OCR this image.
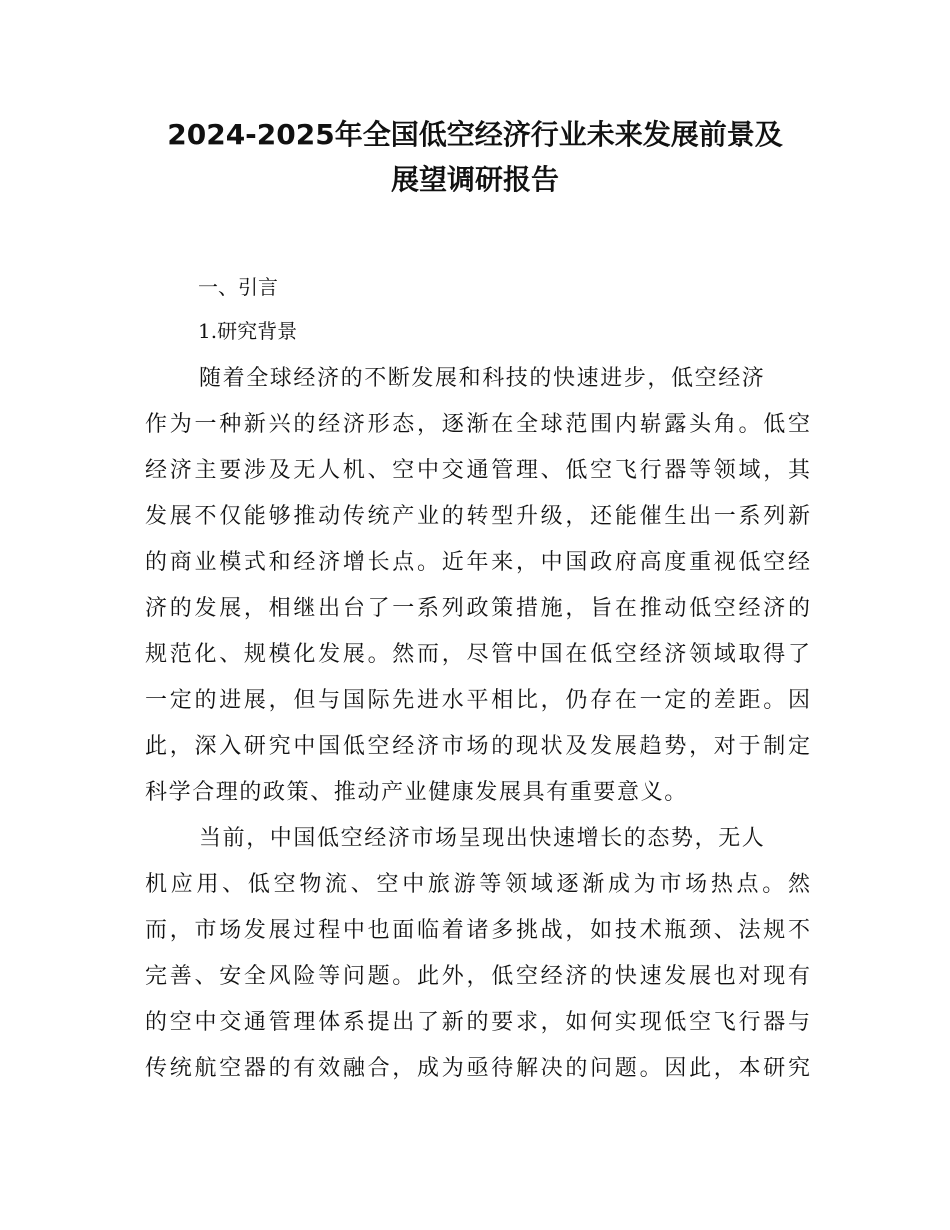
2024-2025年全国低空经济行业未来发展前景及
展望调研报告

一、引言

1.研究背景

随着全球经济的不断发展和科技的快速进步，低空经济

作为一种新兴的经济形态，逐渐在全球范围内崭露头角。低空

经济主要涉及无人机、空中交通管理、低空飞行器等领域，其

发展不仅能够推动传统产业的转型升级，还能催生出一系列新

的商业模式和经济增长点。近年来，中国政府高度重视低空经

济的发展，相继出台了一系列政策措施，旨在推动低空经济的

规范化、规模化发展。然而，尽管中国在低空经济领域取得了

一定的进展，但与国际先进水平相比，仍存在一定的差距。因

此，深入研究中国低空经济市场的现状及发展趋势，对于制定

科学合理的政策、推动产业健康发展具有重要意义。

当前，中国低空经济市场呈现出快速增长的态势，无人

机应用、低空物流、空中旅游等领域逐渐成为市场热点。然

而，市场发展过程中也面临着诸多挑战，如技术瓶颈、法规不

完善、安全风险等问题。此外，低空经济的快速发展也对现有

的空中交通管理体系提出了新的要求，如何实现低空飞行器与

传统航空器的有效融合，成为亟待解决的问题。因此，本研究
